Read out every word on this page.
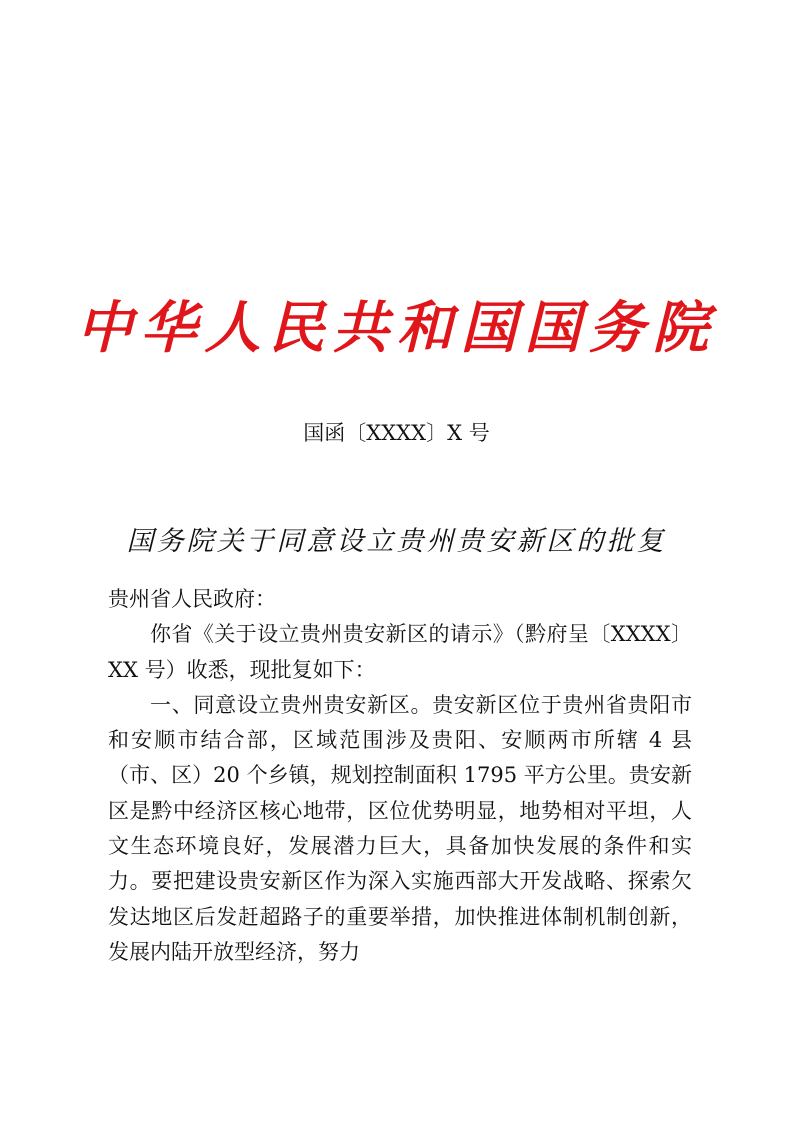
中华人民共和国国务院
国函〔XXXX〕X 号
国务院关于同意设立贵州贵安新区的批复
贵州省人民政府：

你省《关于设立贵州贵安新区的请示》（黔府呈〔XXXX〕XX 号）收悉，现批复如下：

一、同意设立贵州贵安新区。贵安新区位于贵州省贵阳市和安顺市结合部，区域范围涉及贵阳、安顺两市所辖 4 县（市、区）20 个乡镇，规划控制面积 1795 平方公里。贵安新区是黔中经济区核心地带，区位优势明显，地势相对平坦，人文生态环境良好，发展潜力巨大，具备加快发展的条件和实力。要把建设贵安新区作为深入实施西部大开发战略、探索欠发达地区后发赶超路子的重要举措，加快推进体制机制创新，发展内陆开放型经济，努力
